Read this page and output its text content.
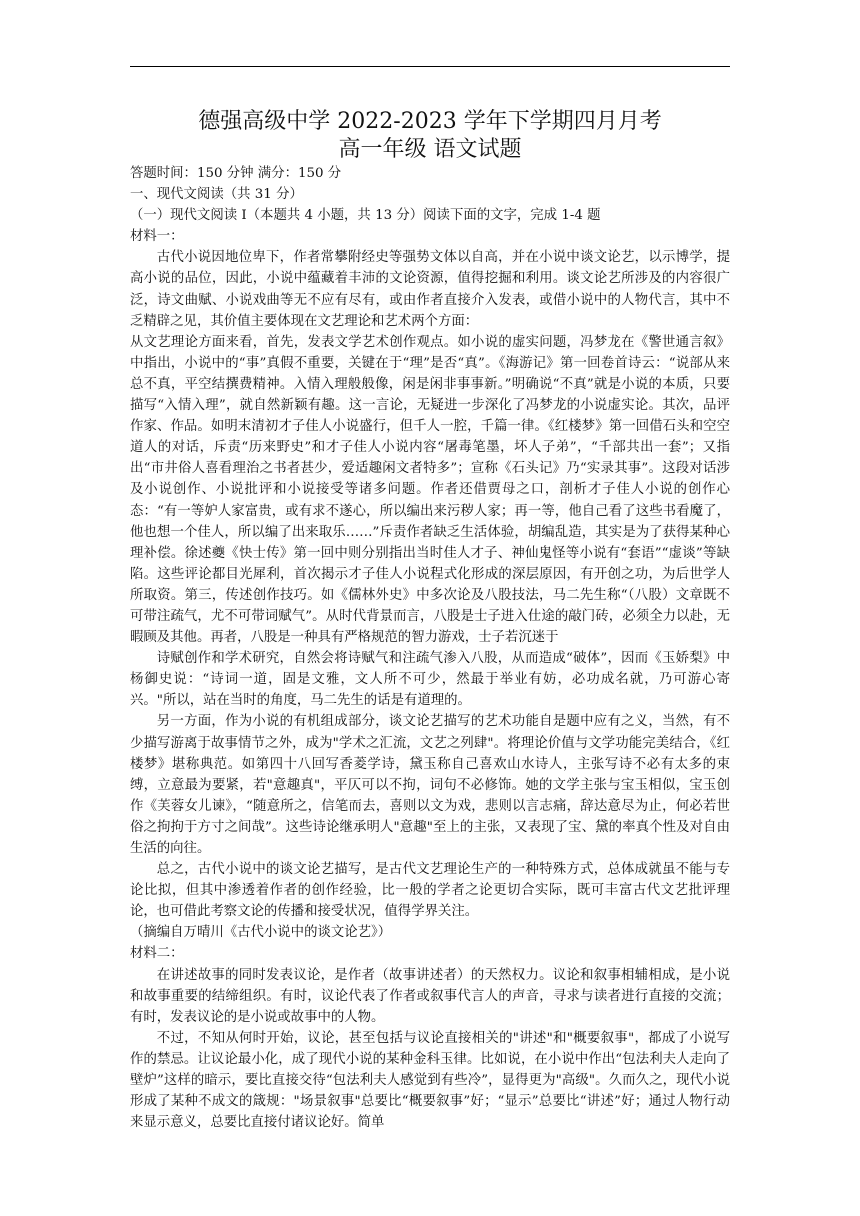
德强高级中学 2022-2023 学年下学期四月月考
高一年级 语文试题

答题时间：150 分钟 满分：150 分

一、现代文阅读（共 31 分）

（一）现代文阅读 I（本题共 4 小题，共 13 分）阅读下面的文字，完成 1-4 题

材料一：

古代小说因地位卑下，作者常攀附经史等强势文体以自高，并在小说中谈文论艺，以示博学，提高小说的品位，因此，小说中蕴藏着丰沛的文论资源，值得挖掘和利用。谈文论艺所涉及的内容很广泛，诗文曲赋、小说戏曲等无不应有尽有，或由作者直接介入发表，或借小说中的人物代言，其中不乏精辟之见，其价值主要体现在文艺理论和艺术两个方面：

从文艺理论方面来看，首先，发表文学艺术创作观点。如小说的虚实问题，冯梦龙在《警世通言叙》中指出，小说中的“事”真假不重要，关键在于“理”是否“真”。《海游记》第一回卷首诗云：“说部从来总不真，平空结撰费精神。入情入理般般像，闲是闲非事事新。”明确说“不真”就是小说的本质，只要描写“入情入理”，就自然新颖有趣。这一言论，无疑进一步深化了冯梦龙的小说虚实论。其次，品评作家、作品。如明末清初才子佳人小说盛行，但千人一腔，千篇一律。《红楼梦》第一回借石头和空空道人的对话，斥责“历来野史”和才子佳人小说内容“屠毒笔墨，坏人子弟”，“千部共出一套”；又指出“市井俗人喜看理治之书者甚少，爱适趣闲文者特多”；宣称《石头记》乃“实录其事”。这段对话涉及小说创作、小说批评和小说接受等诸多问题。作者还借贾母之口，剖析才子佳人小说的创作心态：“有一等妒人家富贵，或有求不遂心，所以编出来污秽人家；再一等，他自己看了这些书看魔了，他也想一个佳人，所以编了出来取乐……”斥责作者缺乏生活体验，胡编乱造，其实是为了获得某种心理补偿。徐述夔《快士传》第一回中则分别指出当时佳人才子、神仙鬼怪等小说有“套语”“虚谈”等缺陷。这些评论都目光犀利，首次揭示才子佳人小说程式化形成的深层原因，有开创之功，为后世学人所取资。第三，传述创作技巧。如《儒林外史》中多次论及八股技法，马二先生称“（八股）文章既不可带注疏气，尤不可带词赋气”。从时代背景而言，八股是士子进入仕途的敲门砖，必须全力以赴，无暇顾及其他。再者，八股是一种具有严格规范的智力游戏，士子若沉迷于

诗赋创作和学术研究，自然会将诗赋气和注疏气渗入八股，从而造成“破体”，因而《玉娇梨》中杨御史说：“诗词一道，固是文雅，文人所不可少，然最于举业有妨，必功成名就，乃可游心寄兴。"所以，站在当时的角度，马二先生的话是有道理的。

另一方面，作为小说的有机组成部分，谈文论艺描写的艺术功能自是题中应有之义，当然，有不少描写游离于故事情节之外，成为"学术之汇流，文艺之列肆"。将理论价值与文学功能完美结合，《红楼梦》堪称典范。如第四十八回写香菱学诗，黛玉称自己喜欢山水诗人，主张写诗不必有太多的束缚，立意最为要紧，若"意趣真"，平仄可以不拘，词句不必修饰。她的文学主张与宝玉相似，宝玉创作《芙蓉女儿谏》，“随意所之，信笔而去，喜则以文为戏，悲则以言志痛，辞达意尽为止，何必若世俗之拘拘于方寸之间哉”。这些诗论继承明人"意趣"至上的主张，又表现了宝、黛的率真个性及对自由生活的向往。

总之，古代小说中的谈文论艺描写，是古代文艺理论生产的一种特殊方式，总体成就虽不能与专论比拟，但其中渗透着作者的创作经验，比一般的学者之论更切合实际，既可丰富古代文艺批评理论，也可借此考察文论的传播和接受状况，值得学界关注。

（摘编自万晴川《古代小说中的谈文论艺》）

材料二：

在讲述故事的同时发表议论，是作者（故事讲述者）的天然权力。议论和叙事相辅相成，是小说和故事重要的结缔组织。有时，议论代表了作者或叙事代言人的声音，寻求与读者进行直接的交流；有时，发表议论的是小说或故事中的人物。

不过，不知从何时开始，议论，甚至包括与议论直接相关的"讲述"和"概要叙事"，都成了小说写作的禁忌。让议论最小化，成了现代小说的某种金科玉律。比如说，在小说中作出“包法利夫人走向了壁炉”这样的暗示，要比直接交待“包法利夫人感觉到有些冷”，显得更为"高级"。久而久之，现代小说形成了某种不成文的箴规："场景叙事"总要比“概要叙事”好；“显示”总要比“讲述”好；通过人物行动来显示意义，总要比直接付诸议论好。简单
